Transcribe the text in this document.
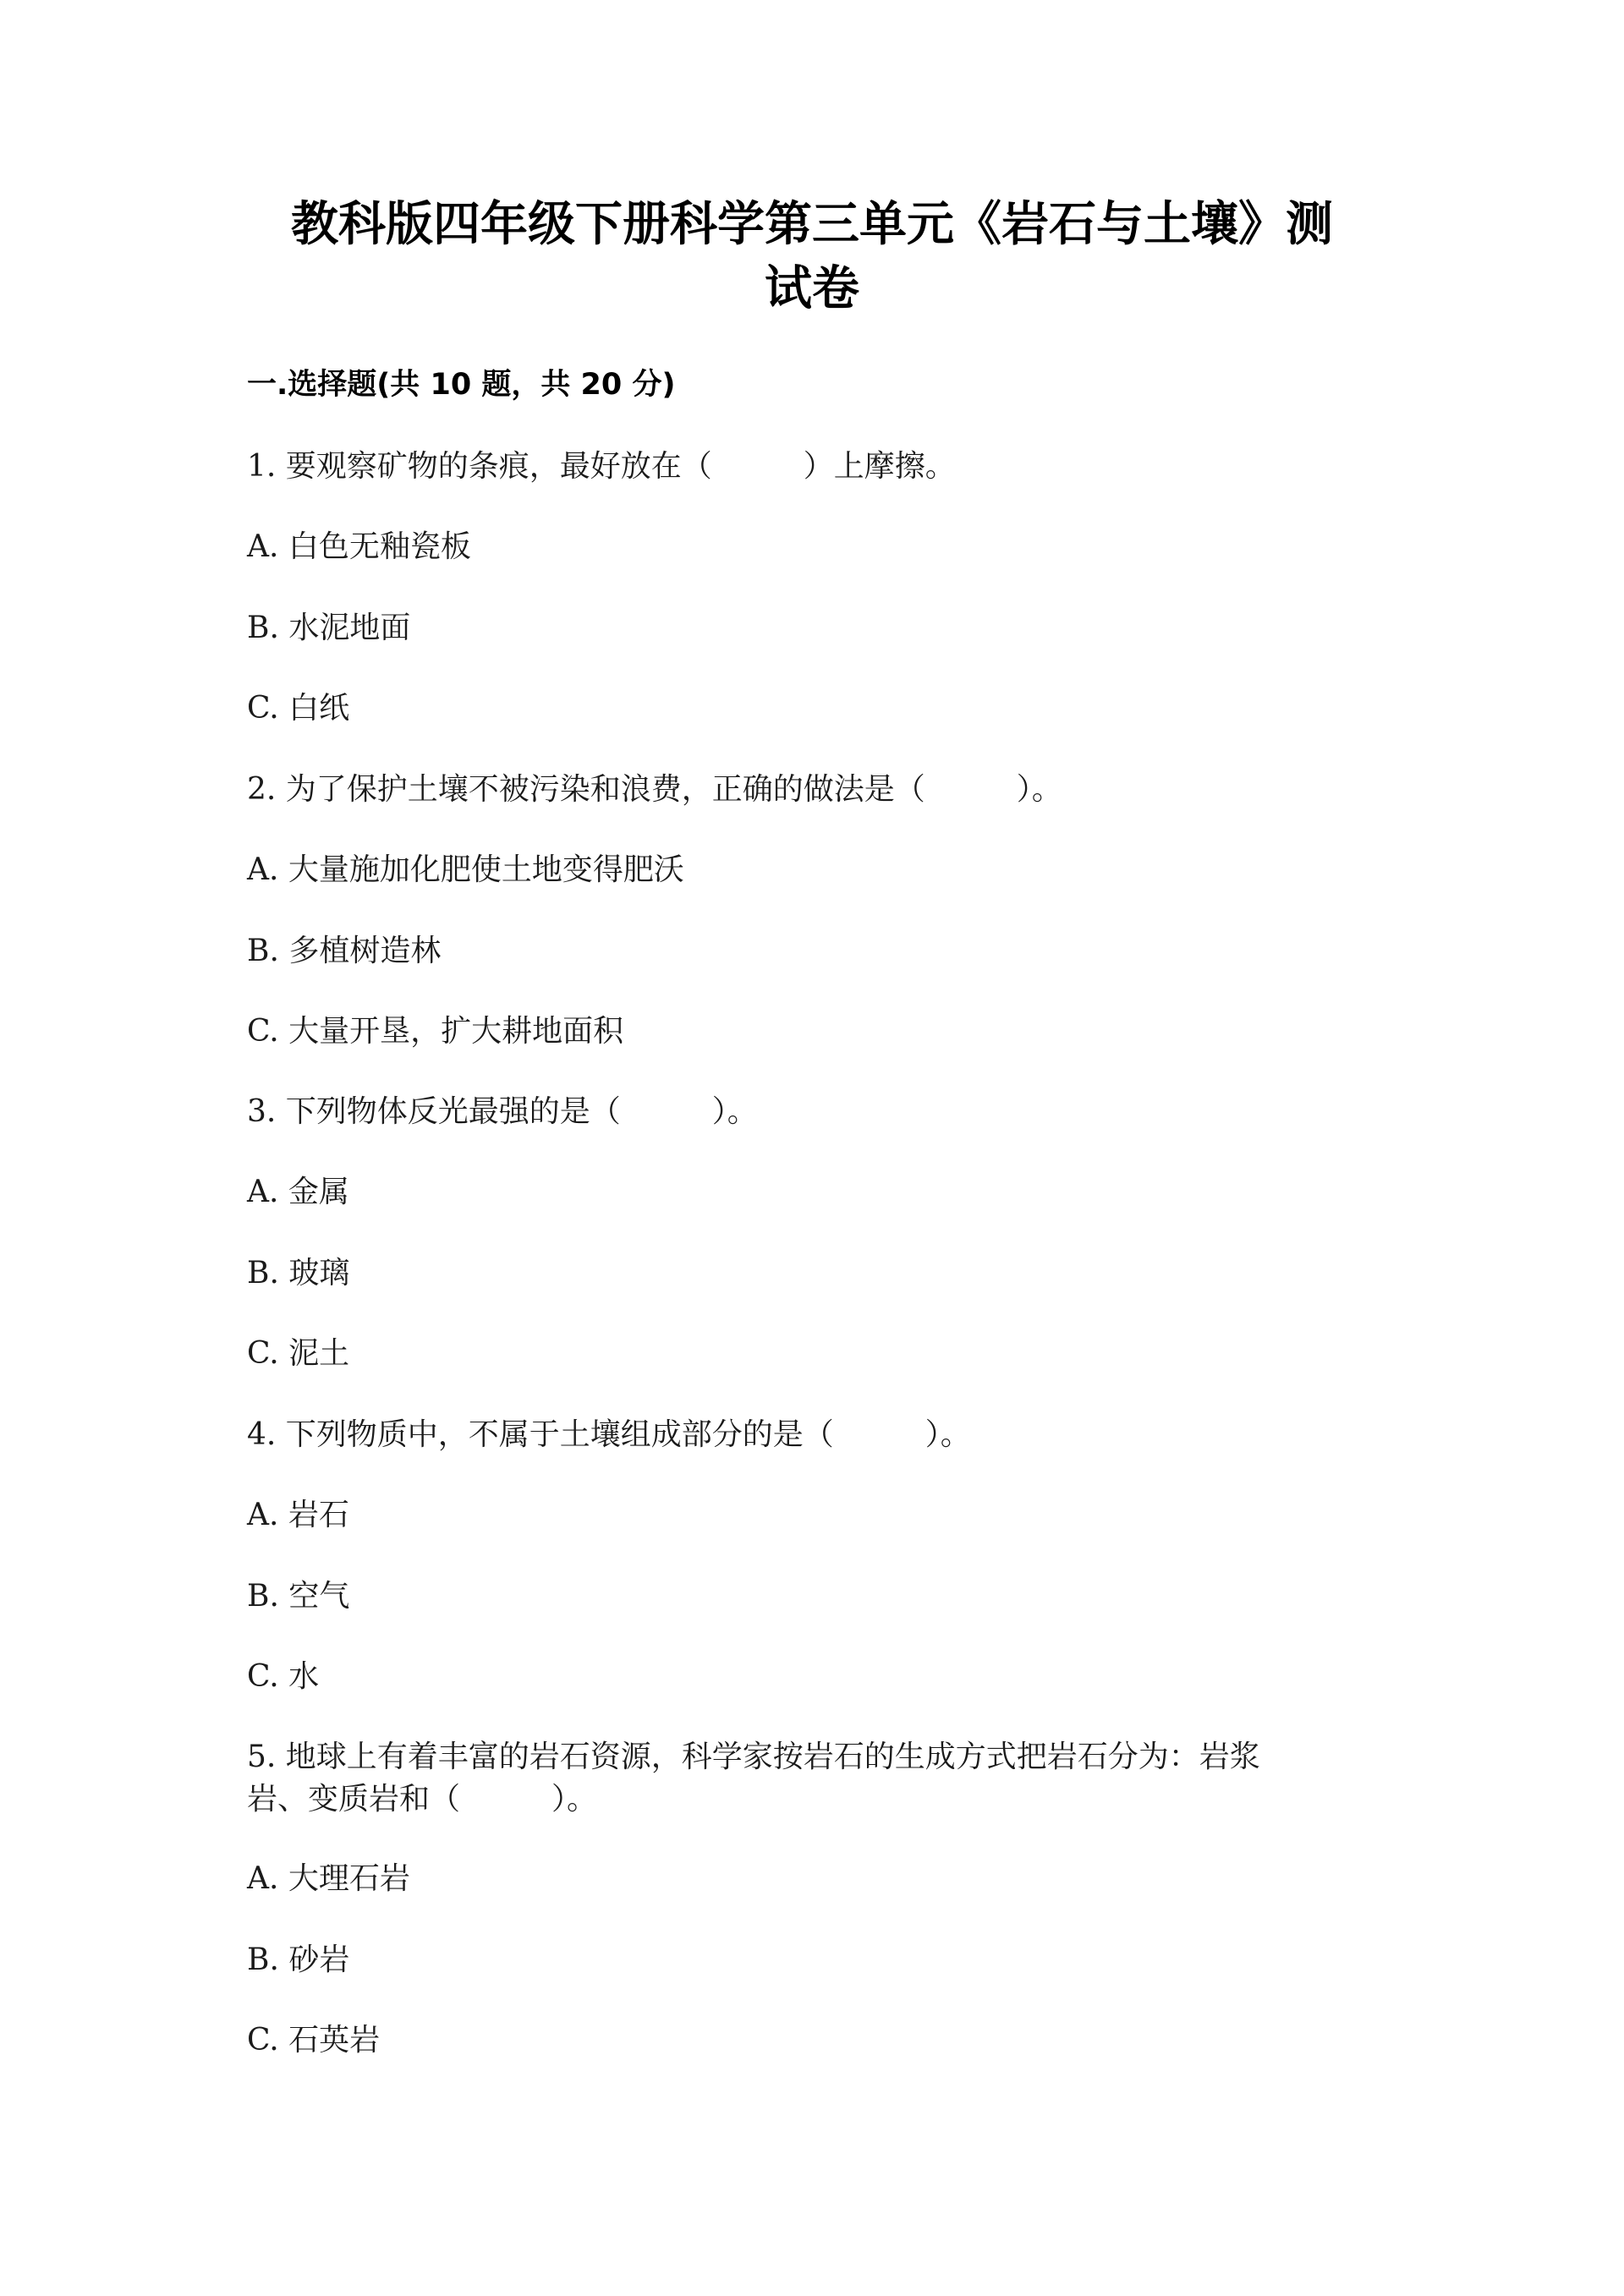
教科版四年级下册科学第三单元《岩石与土壤》测
试卷
一.选择题(共 10 题，共 20 分)
1. 要观察矿物的条痕，最好放在（　　　）上摩擦。
A. 白色无釉瓷板
B. 水泥地面
C. 白纸
2. 为了保护土壤不被污染和浪费，正确的做法是（　　　）。
A. 大量施加化肥使土地变得肥沃
B. 多植树造林
C. 大量开垦，扩大耕地面积
3. 下列物体反光最强的是（　　　）。
A. 金属
B. 玻璃
C. 泥土
4. 下列物质中，不属于土壤组成部分的是（　　　）。
A. 岩石
B. 空气
C. 水
5. 地球上有着丰富的岩石资源，科学家按岩石的生成方式把岩石分为：岩浆
岩、变质岩和（　　　）。
A. 大理石岩
B. 砂岩
C. 石英岩
